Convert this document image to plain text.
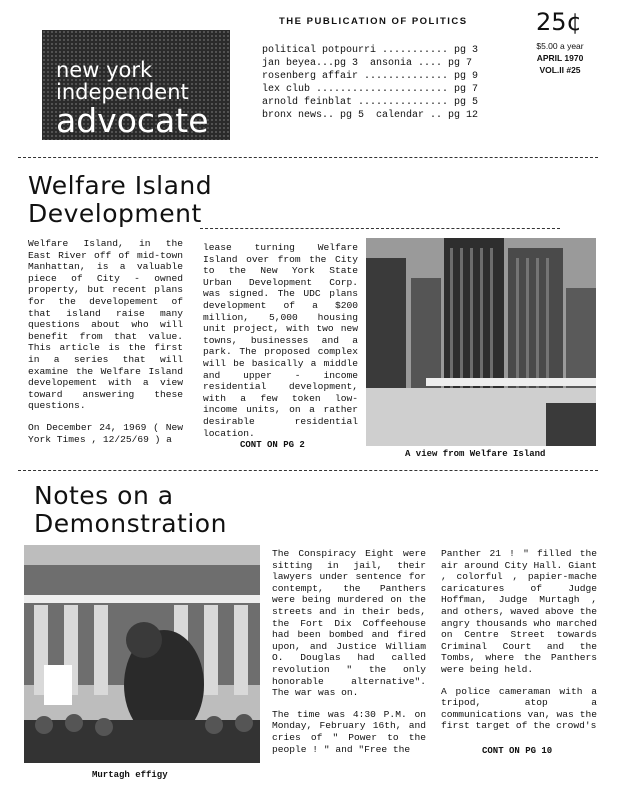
new york
independent
advocate
THE PUBLICATION OF POLITICS
political potpourri ........... pg 3
jan beyea...pg 3  ansonia .... pg 7
rosenberg affair .............. pg 9
lex club ...................... pg 7
arnold feinblat ............... pg 5
bronx news.. pg 5  calendar .. pg 12
25¢
$5.00 a year
APRIL 1970
VOL.II #25
Welfare Island
Development

Welfare Island, in the East River off of mid-town Manhattan, is a valuable piece of City - owned property, but recent plans for the developement of that island raise many questions about who will benefit from that value. This article is the first in a series that will examine the Welfare Island developement with a view toward answering these questions.

On December 24, 1969 ( New York Times , 12/25/69 ) a

lease turning Welfare Island over from the City to the New York State Urban Development Corp. was signed. The UDC plans development of a $200 million, 5,000 housing unit project, with two new towns, businesses and a park. The proposed complex will be basically a middle and upper - income residential development, with a few token low-income units, on a rather desirable residential location.

CONT ON PG 2
A view from Welfare Island
Notes on a
Demonstration
Murtagh effigy

The Conspiracy Eight were sitting in jail, their lawyers under sentence for contempt, the Panthers were being murdered on the streets and in their beds, the Fort Dix Coffeehouse had been bombed and fired upon, and Justice William O. Douglas had called revolution " the only honorable alternative". The war was on.

The time was 4:30 P.M. on Monday, February 16th, and cries of " Power to the people ! " and "Free the

Panther 21 ! " filled the air around City Hall. Giant , colorful , papier-mache caricatures of Judge Hoffman, Judge Murtagh , and others, waved above the angry thousands who marched on Centre Street towards Criminal Court and the Tombs, where the Panthers were being held.

A police cameraman with a tripod, atop a communications van, was the first target of the crowd's

CONT ON PG 10
